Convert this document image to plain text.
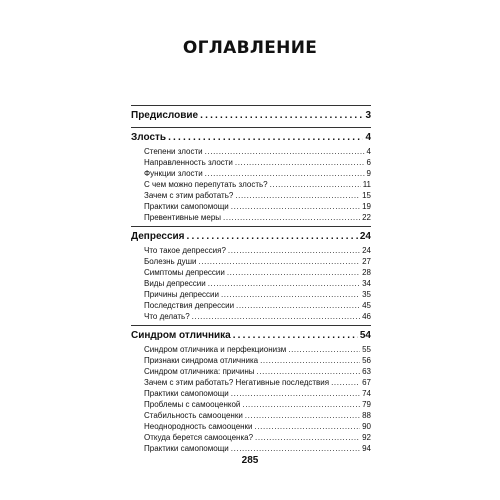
ОГЛАВЛЕНИЕ
Предисловие .....	3
Злость .....	4
Степени злости .....	4
Направленность злости .....	6
Функции злости .....	9
С чем можно перепутать злость? .....	11
Зачем с этим работать? .....	15
Практики самопомощи .....	19
Превентивные меры .....	22
Депрессия .....	24
Что такое депрессия? .....	24
Болезнь души .....	27
Симптомы депрессии .....	28
Виды депрессии .....	34
Причины депрессии .....	35
Последствия депрессии .....	45
Что делать? .....	46
Синдром отличника .....	54
Синдром отличника и перфекционизм .....	55
Признаки синдрома отличника .....	56
Синдром отличника: причины .....	63
Зачем с этим работать? Негативные последствия .....	67
Практики самопомощи .....	74
Проблемы с самооценкой .....	79
Стабильность самооценки .....	88
Неоднородность самооценки .....	90
Откуда берется самооценка? .....	92
Практики самопомощи .....	94
285
